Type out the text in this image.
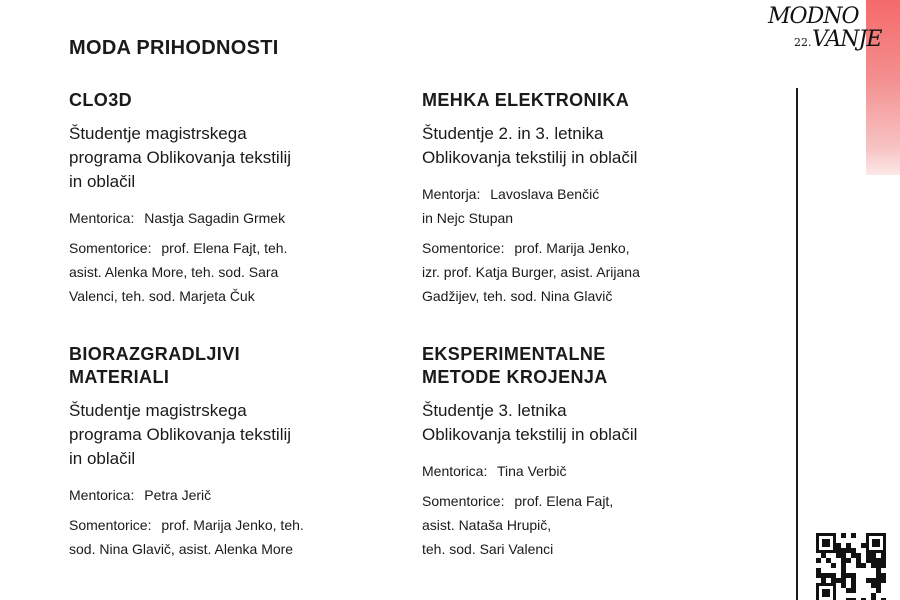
MODNO
22. VANJE
MODA PRIHODNOSTI
CLO3D
Študentje magistrskega
programa Oblikovanja tekstilij
in oblačil
Mentorica: Nastja Sagadin Grmek
Somentorice: prof. Elena Fajt, teh.
asist. Alenka More, teh. sod. Sara
Valenci, teh. sod. Marjeta Čuk
MEHKA ELEKTRONIKA
Študentje 2. in 3. letnika
Oblikovanja tekstilij in oblačil
Mentorja: Lavoslava Benčić
in Nejc Stupan
Somentorice: prof. Marija Jenko,
izr. prof. Katja Burger, asist. Arijana
Gadžijev, teh. sod. Nina Glavič
BIORAZGRADLJIVI
MATERIALI
Študentje magistrskega
programa Oblikovanja tekstilij
in oblačil
Mentorica: Petra Jerič
Somentorice: prof. Marija Jenko, teh.
sod. Nina Glavič, asist. Alenka More
EKSPERIMENTALNE
METODE KROJENJA
Študentje 3. letnika
Oblikovanja tekstilij in oblačil
Mentorica: Tina Verbič
Somentorice: prof. Elena Fajt,
asist. Nataša Hrupič,
teh. sod. Sari Valenci
